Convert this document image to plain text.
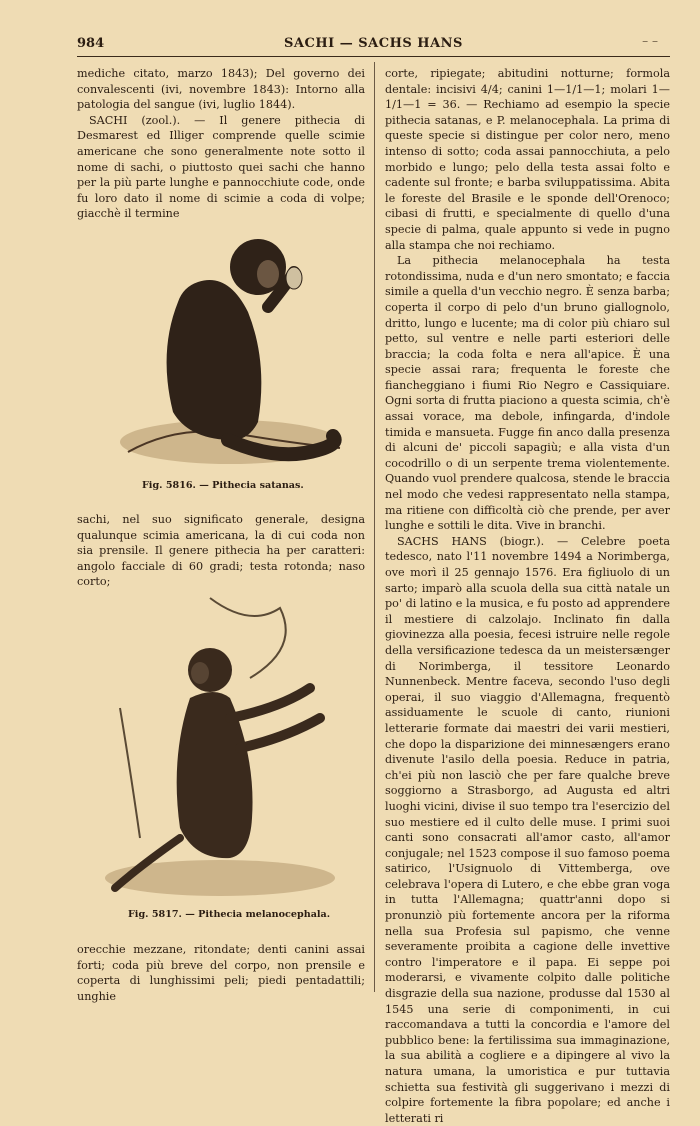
984	SACHI — SACHS HANS	– –

mediche citato, marzo 1843); Del governo dei convalescenti (ivi, novembre 1843): Intorno alla patologia del sangue (ivi, luglio 1844).

SACHI (zool.). — Il genere pithecia di Desmarest ed Illiger comprende quelle scimie americane che sono generalmente note sotto il nome di sachi, o piuttosto quei sachi che hanno per la più parte lunghe e pannocchiute code, onde fu loro dato il nome di scimie a coda di volpe; giacchè il termine

Fig. 5816. — Pithecia satanas.

sachi, nel suo significato generale, designa qualunque scimia americana, la di cui coda non sia prensile. Il genere pithecia ha per caratteri: angolo facciale di 60 gradi; testa rotonda; naso corto;

Fig. 5817. — Pithecia melanocephala.

orecchie mezzane, ritondate; denti canini assai forti; coda più breve del corpo, non prensile e coperta di lunghissimi peli; piedi pentadattili; unghie

corte, ripiegate; abitudini notturne; formola dentale: incisivi 4/4; canini 1—1/1—1; molari 1—1/1—1 = 36. — Rechiamo ad esempio la specie pithecia satanas, e P. melanocephala. La prima di queste specie si distingue per color nero, meno intenso di sotto; coda assai pannocchiuta, a pelo morbido e lungo; pelo della testa assai folto e cadente sul fronte; e barba sviluppatissima. Abita le foreste del Brasile e le sponde dell'Orenoco; cibasi di frutti, e specialmente di quello d'una specie di palma, quale appunto si vede in pugno alla stampa che noi rechiamo.

La pithecia melanocephala ha testa rotondissima, nuda e d'un nero smontato; e faccia simile a quella d'un vecchio negro. È senza barba; coperta il corpo di pelo d'un bruno giallognolo, dritto, lungo e lucente; ma di color più chiaro sul petto, sul ventre e nelle parti esteriori delle braccia; la coda folta e nera all'apice. È una specie assai rara; frequenta le foreste che fiancheggiano i fiumi Rio Negro e Cassiquiare. Ogni sorta di frutta piaciono a questa scimia, ch'è assai vorace, ma debole, infingarda, d'indole timida e mansueta. Fugge fin anco dalla presenza di alcuni de' piccoli sapagiù; e alla vista d'un cocodrillo o di un serpente trema violentemente. Quando vuol prendere qualcosa, stende le braccia nel modo che vedesi rappresentato nella stampa, ma ritiene con difficoltà ciò che prende, per aver lunghe e sottili le dita. Vive in branchi.

SACHS HANS (biogr.). — Celebre poeta tedesco, nato l'11 novembre 1494 a Norimberga, ove morì il 25 gennajo 1576. Era figliuolo di un sarto; imparò alla scuola della sua città natale un po' di latino e la musica, e fu posto ad apprendere il mestiere di calzolajo. Inclinato fin dalla giovinezza alla poesia, fecesi istruire nelle regole della versificazione tedesca da un meistersænger di Norimberga, il tessitore Leonardo Nunnenbeck. Mentre faceva, secondo l'uso degli operai, il suo viaggio d'Allemagna, frequentò assiduamente le scuole di canto, riunioni letterarie formate dai maestri dei varii mestieri, che dopo la disparizione dei minnesængers erano divenute l'asilo della poesia. Reduce in patria, ch'ei più non lasciò che per fare qualche breve soggiorno a Strasborgo, ad Augusta ed altri luoghi vicini, divise il suo tempo tra l'esercizio del suo mestiere ed il culto delle muse. I primi suoi canti sono consacrati all'amor casto, all'amor conjugale; nel 1523 compose il suo famoso poema satirico, l'Usignuolo di Vittemberga, ove celebrava l'opera di Lutero, e che ebbe gran voga in tutta l'Allemagna; quattr'anni dopo si pronunziò più fortemente ancora per la riforma nella sua Profesia sul papismo, che venne severamente proibita a cagione delle invettive contro l'imperatore e il papa. Ei seppe poi moderarsi, e vivamente colpito dalle politiche disgrazie della sua nazione, produsse dal 1530 al 1545 una serie di componimenti, in cui raccomandava a tutti la concordia e l'amore del pubblico bene: la fertilissima sua immaginazione, la sua abilità a cogliere e a dipingere al vivo la natura umana, la umoristica e pur tuttavia schietta sua festività gli suggerivano i mezzi di colpire fortemente la fibra popolare; ed anche i letterati ri
